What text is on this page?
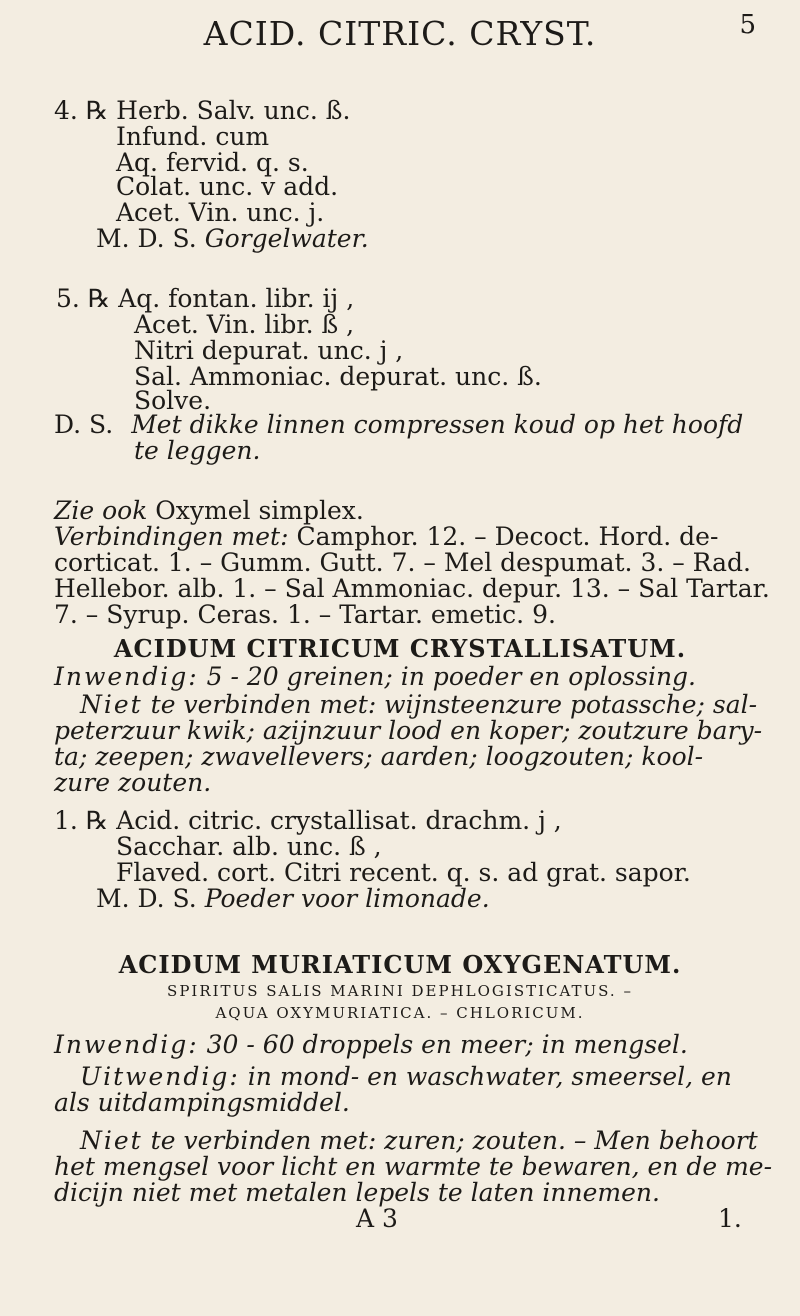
ACID. CITRIC. CRYST.	5
4. ℞ Herb. Salv. unc. ß.
Infund. cum
Aq. fervid. q. s.
Colat. unc. v add.
Acet. Vin. unc. j.
M. D. S. Gorgelwater.
5. ℞ Aq. fontan. libr. ij ,
Acet. Vin. libr. ß ,
Nitri depurat. unc. j ,
Sal. Ammoniac. depurat. unc. ß.
Solve.
D. S. Met dikke linnen compressen koud op het hoofd
te leggen.
Zie ook Oxymel simplex.
Verbindingen met: Camphor. 12. – Decoct. Hord. de-
corticat. 1. – Gumm. Gutt. 7. – Mel despumat. 3. – Rad.
Hellebor. alb. 1. – Sal Ammoniac. depur. 13. – Sal Tartar.
7. – Syrup. Ceras. 1. – Tartar. emetic. 9.
ACIDUM CITRICUM CRYSTALLISATUM.
Inwendig: 5 - 20 greinen; in poeder en oplossing.
Niet te verbinden met: wijnsteenzure potassche; sal-
peterzuur kwik; azijnzuur lood en koper; zoutzure bary-
ta; zeepen; zwavellevers; aarden; loogzouten; kool-
zure zouten.
1. ℞ Acid. citric. crystallisat. drachm. j ,
Sacchar. alb. unc. ß ,
Flaved. cort. Citri recent. q. s. ad grat. sapor.
M. D. S. Poeder voor limonade.
ACIDUM MURIATICUM OXYGENATUM.
SPIRITUS SALIS MARINI DEPHLOGISTICATUS. –
AQUA OXYMURIATICA. – CHLORICUM.
Inwendig: 30 - 60 droppels en meer; in mengsel.
Uitwendig: in mond- en waschwater, smeersel, en
als uitdampingsmiddel.
Niet te verbinden met: zuren; zouten. – Men behoort
het mengsel voor licht en warmte te bewaren, en de me-
dicijn niet met metalen lepels te laten innemen.
A 3	1.
